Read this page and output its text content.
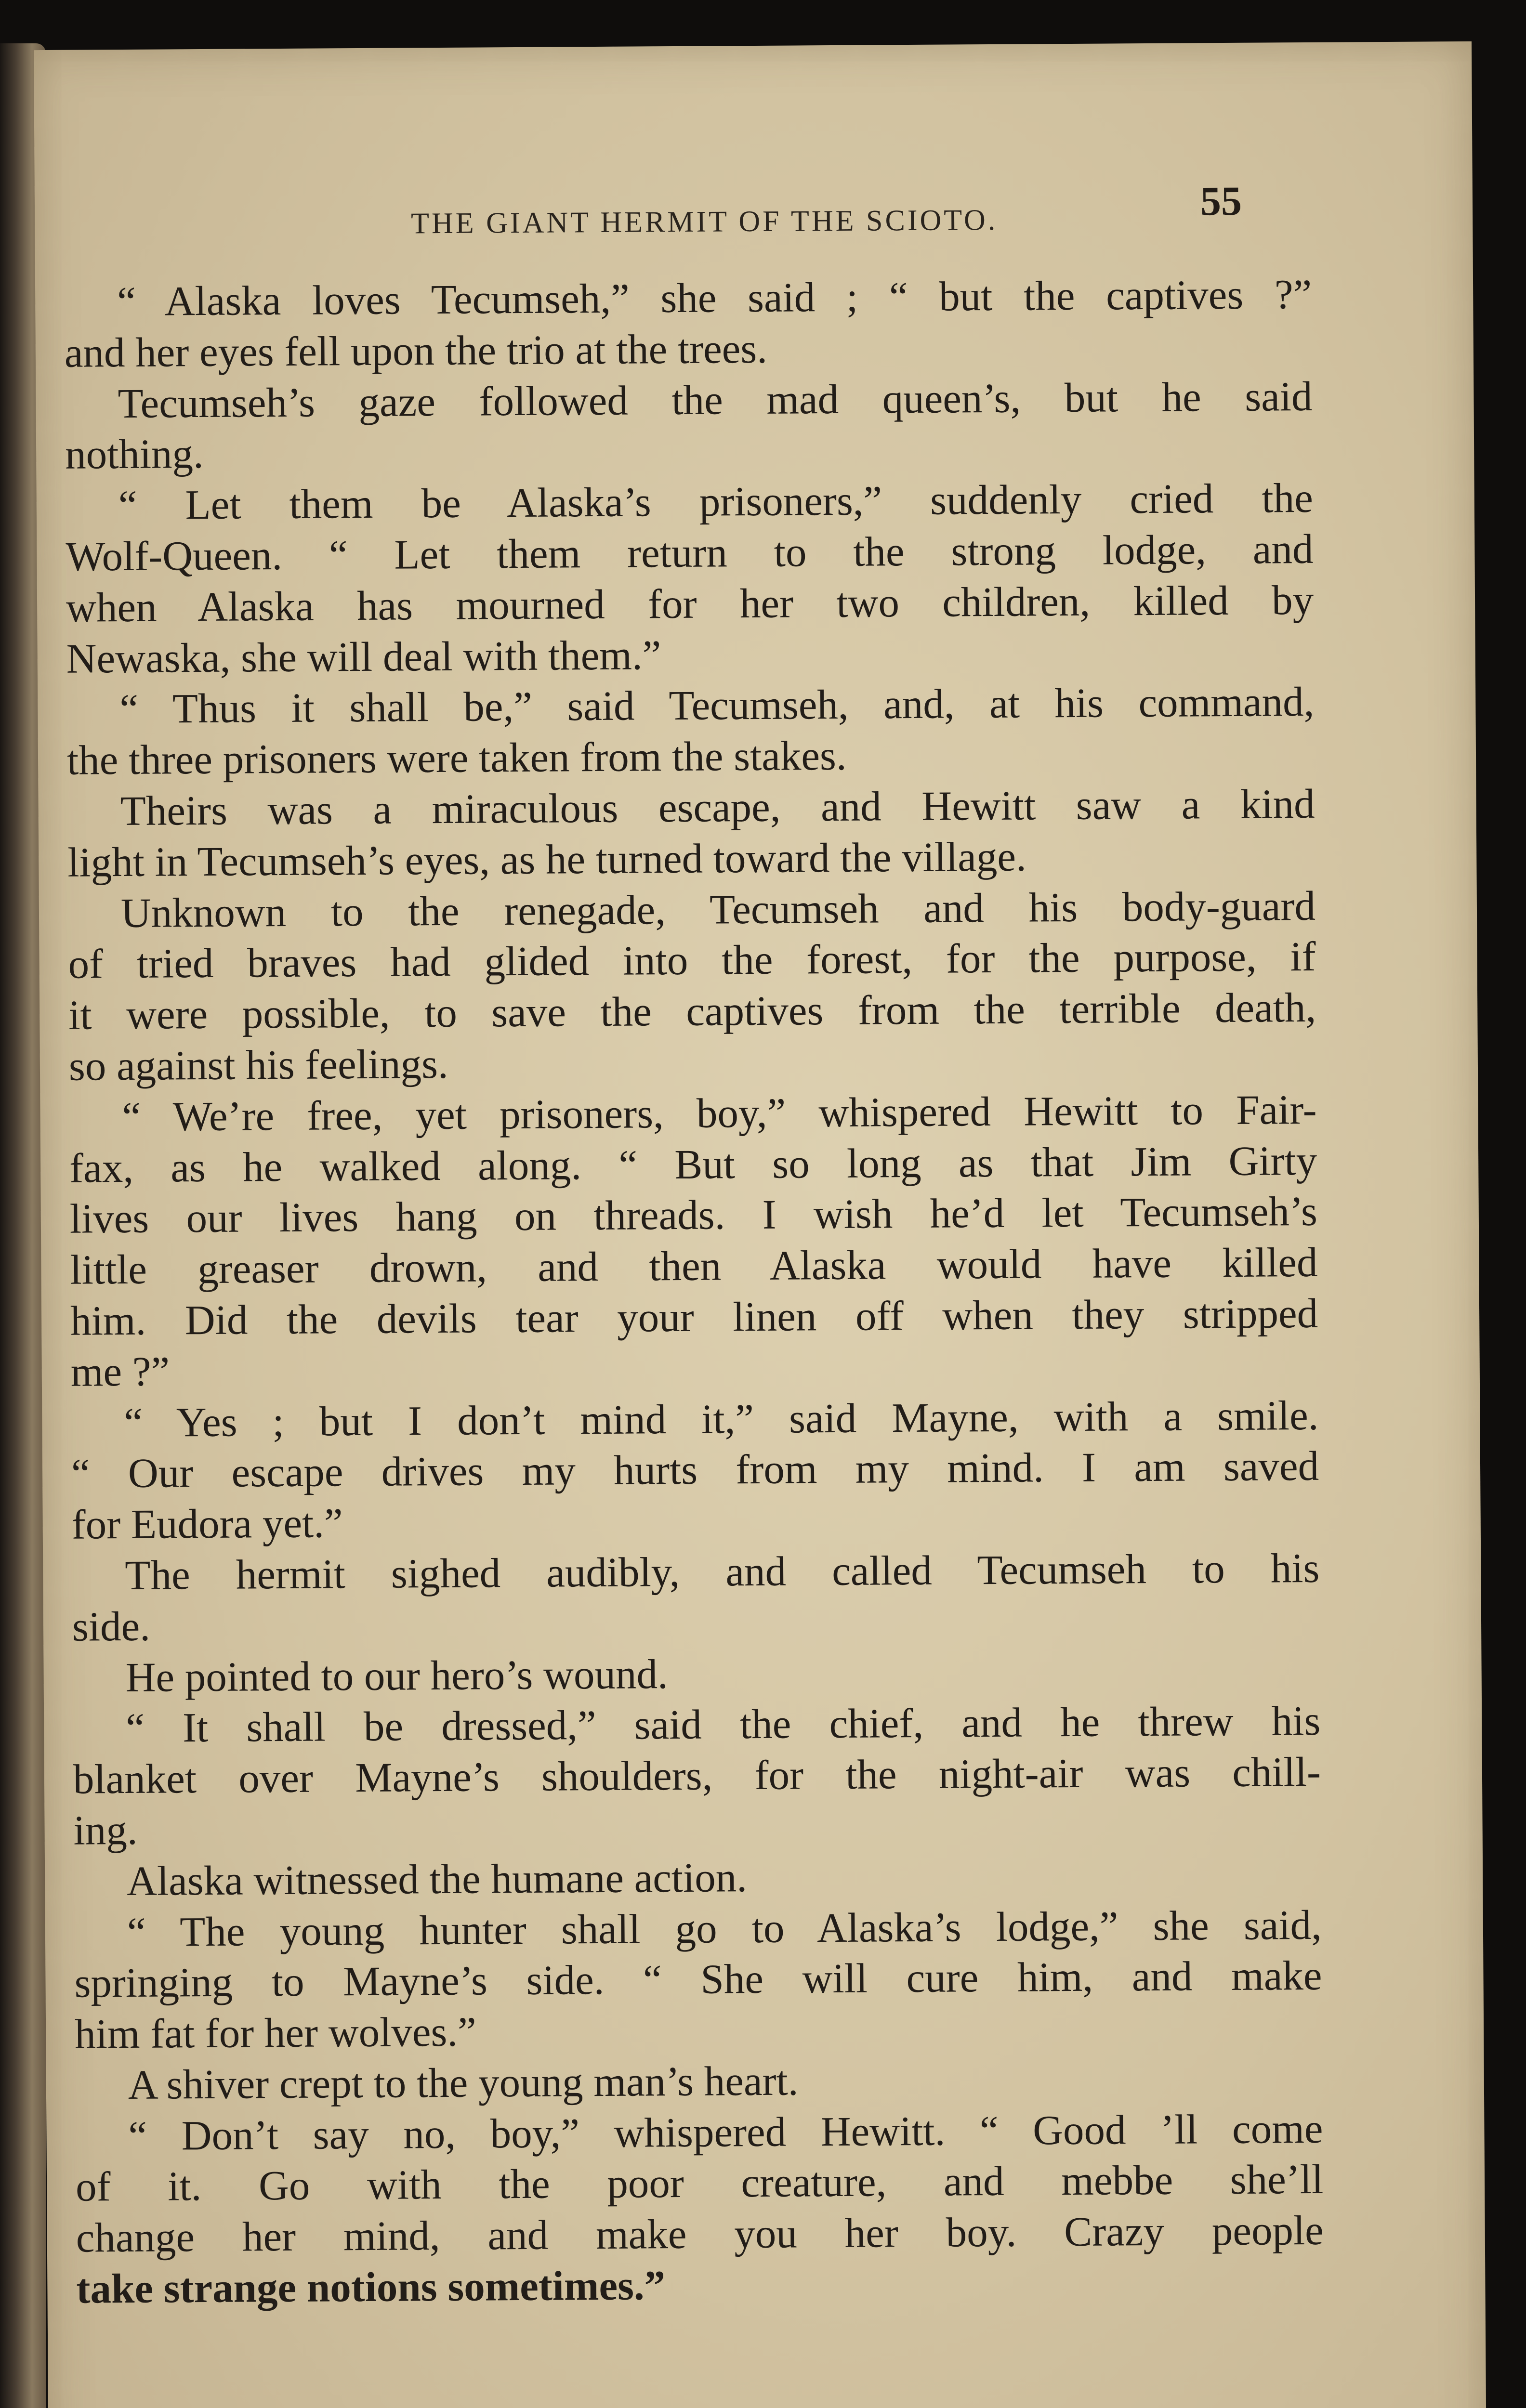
THE GIANT HERMIT OF THE SCIOTO.	55
“ Alaska loves Tecumseh,” she said ; “ but the captives ?”
and her eyes fell upon the trio at the trees.
Tecumseh’s gaze followed the mad queen’s, but he said
nothing.
“ Let them be Alaska’s prisoners,” suddenly cried the
Wolf-Queen. “ Let them return to the strong lodge, and
when Alaska has mourned for her two children, killed by
Newaska, she will deal with them.”
“ Thus it shall be,” said Tecumseh, and, at his command,
the three prisoners were taken from the stakes.
Theirs was a miraculous escape, and Hewitt saw a kind
light in Tecumseh’s eyes, as he turned toward the village.
Unknown to the renegade, Tecumseh and his body-guard
of tried braves had glided into the forest, for the purpose, if
it were possible, to save the captives from the terrible death,
so against his feelings.
“ We’re free, yet prisoners, boy,” whispered Hewitt to Fair-
fax, as he walked along. “ But so long as that Jim Girty
lives our lives hang on threads. I wish he’d let Tecumseh’s
little greaser drown, and then Alaska would have killed
him. Did the devils tear your linen off when they stripped
me ?”
“ Yes ; but I don’t mind it,” said Mayne, with a smile.
“ Our escape drives my hurts from my mind. I am saved
for Eudora yet.”
The hermit sighed audibly, and called Tecumseh to his
side.
He pointed to our hero’s wound.
“ It shall be dressed,” said the chief, and he threw his
blanket over Mayne’s shoulders, for the night-air was chill-
ing.
Alaska witnessed the humane action.
“ The young hunter shall go to Alaska’s lodge,” she said,
springing to Mayne’s side. “ She will cure him, and make
him fat for her wolves.”
A shiver crept to the young man’s heart.
“ Don’t say no, boy,” whispered Hewitt. “ Good ’ll come
of it. Go with the poor creature, and mebbe she’ll
change her mind, and make you her boy. Crazy people
take strange notions sometimes.”
